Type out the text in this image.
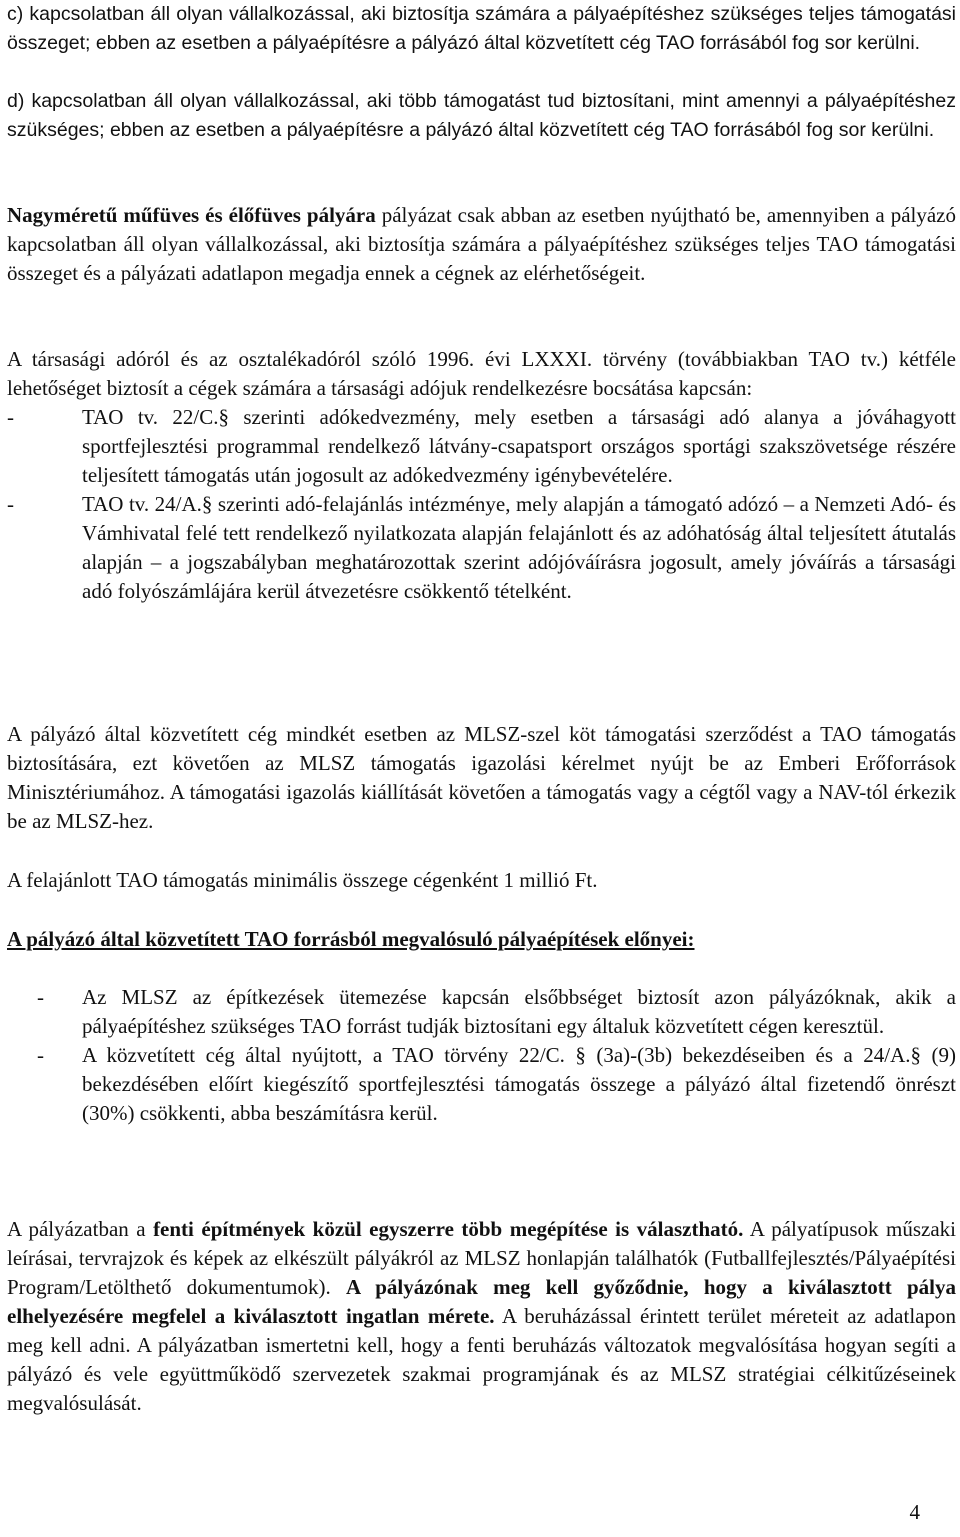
c) kapcsolatban áll olyan vállalkozással, aki biztosítja számára a pályaépítéshez szükséges teljes támogatási összeget; ebben az esetben a pályaépítésre a pályázó által közvetített cég TAO forrásából fog sor kerülni.

d) kapcsolatban áll olyan vállalkozással, aki több támogatást tud biztosítani, mint amennyi a pályaépítéshez szükséges; ebben az esetben a pályaépítésre a pályázó által közvetített cég TAO forrásából fog sor kerülni.

Nagyméretű műfüves és élőfüves pályára pályázat csak abban az esetben nyújtható be, amennyiben a pályázó kapcsolatban áll olyan vállalkozással, aki biztosítja számára a pályaépítéshez szükséges teljes TAO támogatási összeget és a pályázati adatlapon megadja ennek a cégnek az elérhetőségeit.

A társasági adóról és az osztalékadóról szóló 1996. évi LXXXI. törvény (továbbiakban TAO tv.) kétféle lehetőséget biztosít a cégek számára a társasági adójuk rendelkezésre bocsátása kapcsán:

-	TAO tv. 22/C.§ szerinti adókedvezmény, mely esetben a társasági adó alanya a jóváhagyott sportfejlesztési programmal rendelkező látvány-csapatsport országos sportági szakszövetsége részére teljesített támogatás után jogosult az adókedvezmény igénybevételére.
-	TAO tv. 24/A.§ szerinti adó-felajánlás intézménye, mely alapján a támogató adózó – a Nemzeti Adó- és Vámhivatal felé tett rendelkező nyilatkozata alapján felajánlott és az adóhatóság által teljesített átutalás alapján – a jogszabályban meghatározottak szerint adójóváírásra jogosult, amely jóváírás a társasági adó folyószámlájára kerül átvezetésre csökkentő tételként.

A pályázó által közvetített cég mindkét esetben az MLSZ-szel köt támogatási szerződést a TAO támogatás biztosítására, ezt követően az MLSZ támogatás igazolási kérelmet nyújt be az Emberi Erőforrások Minisztériumához. A támogatási igazolás kiállítását követően a támogatás vagy a cégtől vagy a NAV-tól érkezik be az MLSZ-hez.

A felajánlott TAO támogatás minimális összege cégenként 1 millió Ft.

A pályázó által közvetített TAO forrásból megvalósuló pályaépítések előnyei:

- Az MLSZ az építkezések ütemezése kapcsán elsőbbséget biztosít azon pályázóknak, akik a pályaépítéshez szükséges TAO forrást tudják biztosítani egy általuk közvetített cégen keresztül.
- A közvetített cég által nyújtott, a TAO törvény 22/C. § (3a)-(3b) bekezdéseiben és a 24/A.§ (9) bekezdésében előírt kiegészítő sportfejlesztési támogatás összege a pályázó által fizetendő önrészt (30%) csökkenti, abba beszámításra kerül.

A pályázatban a fenti építmények közül egyszerre több megépítése is választható. A pályatípusok műszaki leírásai, tervrajzok és képek az elkészült pályákról az MLSZ honlapján találhatók (Futballfejlesztés/Pályaépítési Program/Letölthető dokumentumok). A pályázónak meg kell győződnie, hogy a kiválasztott pálya elhelyezésére megfelel a kiválasztott ingatlan mérete. A beruházással érintett terület méreteit az adatlapon meg kell adni. A pályázatban ismertetni kell, hogy a fenti beruházás változatok megvalósítása hogyan segíti a pályázó és vele együttműködő szervezetek szakmai programjának és az MLSZ stratégiai célkitűzéseinek megvalósulását.

4
